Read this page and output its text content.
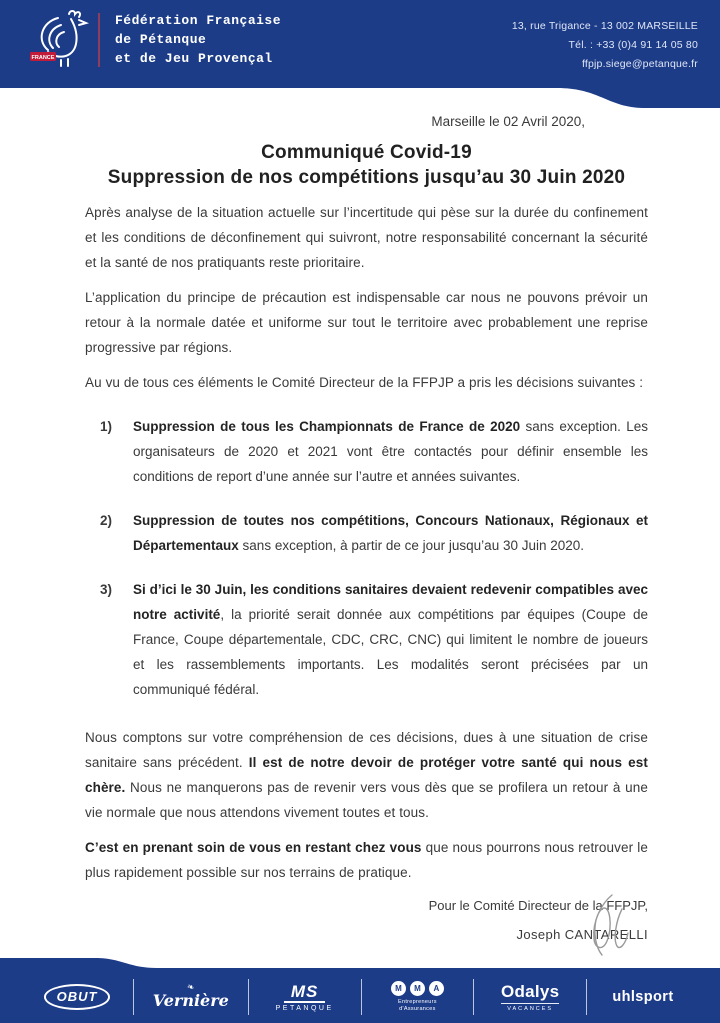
FRANCE
Fédération Française
de Pétanque
et de Jeu Provençal
13, rue Trigance - 13 002 MARSEILLE
Tél. : +33 (0)4 91 14 05 80
ffpjp.siege@petanque.fr
Marseille le 02 Avril 2020,
Communiqué Covid-19
Suppression de nos compétitions jusqu’au 30 Juin 2020

Après analyse de la situation actuelle sur l’incertitude qui pèse sur la durée du confinement et les conditions de déconfinement qui suivront, notre responsabilité concernant la sécurité et la santé de nos pratiquants reste prioritaire.

L’application du principe de précaution est indispensable car nous ne pouvons prévoir un retour à la normale datée et uniforme sur tout le territoire avec probablement une reprise progressive par régions.

Au vu de tous ces éléments le Comité Directeur de la FFPJP a pris les décisions suivantes :

1) Suppression de tous les Championnats de France de 2020 sans exception. Les organisateurs de 2020 et 2021 vont être contactés pour définir ensemble les conditions de report d’une année sur l’autre et années suivantes.
2) Suppression de toutes nos compétitions, Concours Nationaux, Régionaux et Départementaux sans exception, à partir de ce jour jusqu’au 30 Juin 2020.
3) Si d’ici le 30 Juin, les conditions sanitaires devaient redevenir compatibles avec notre activité, la priorité serait donnée aux compétitions par équipes (Coupe de France, Coupe départementale, CDC, CRC, CNC) qui limitent le nombre de joueurs et les rassemblements importants. Les modalités seront précisées par un communiqué fédéral.

Nous comptons sur votre compréhension de ces décisions, dues à une situation de crise sanitaire sans précédent. Il est de notre devoir de protéger votre santé qui nous est chère. Nous ne manquerons pas de revenir vers vous dès que se profilera un retour à une vie normale que nous attendons vivement toutes et tous.

C’est en prenant soin de vous en restant chez vous que nous pourrons nous retrouver le plus rapidement possible sur nos terrains de pratique.

Pour le Comité Directeur de la FFPJP,
Joseph CANTARELLI
OBUT
❧
Vernière	MS
PETANQUE
M	M	A
Entrepreneurs
d'Assurances
Odalys
VACANCES
uhlsport
